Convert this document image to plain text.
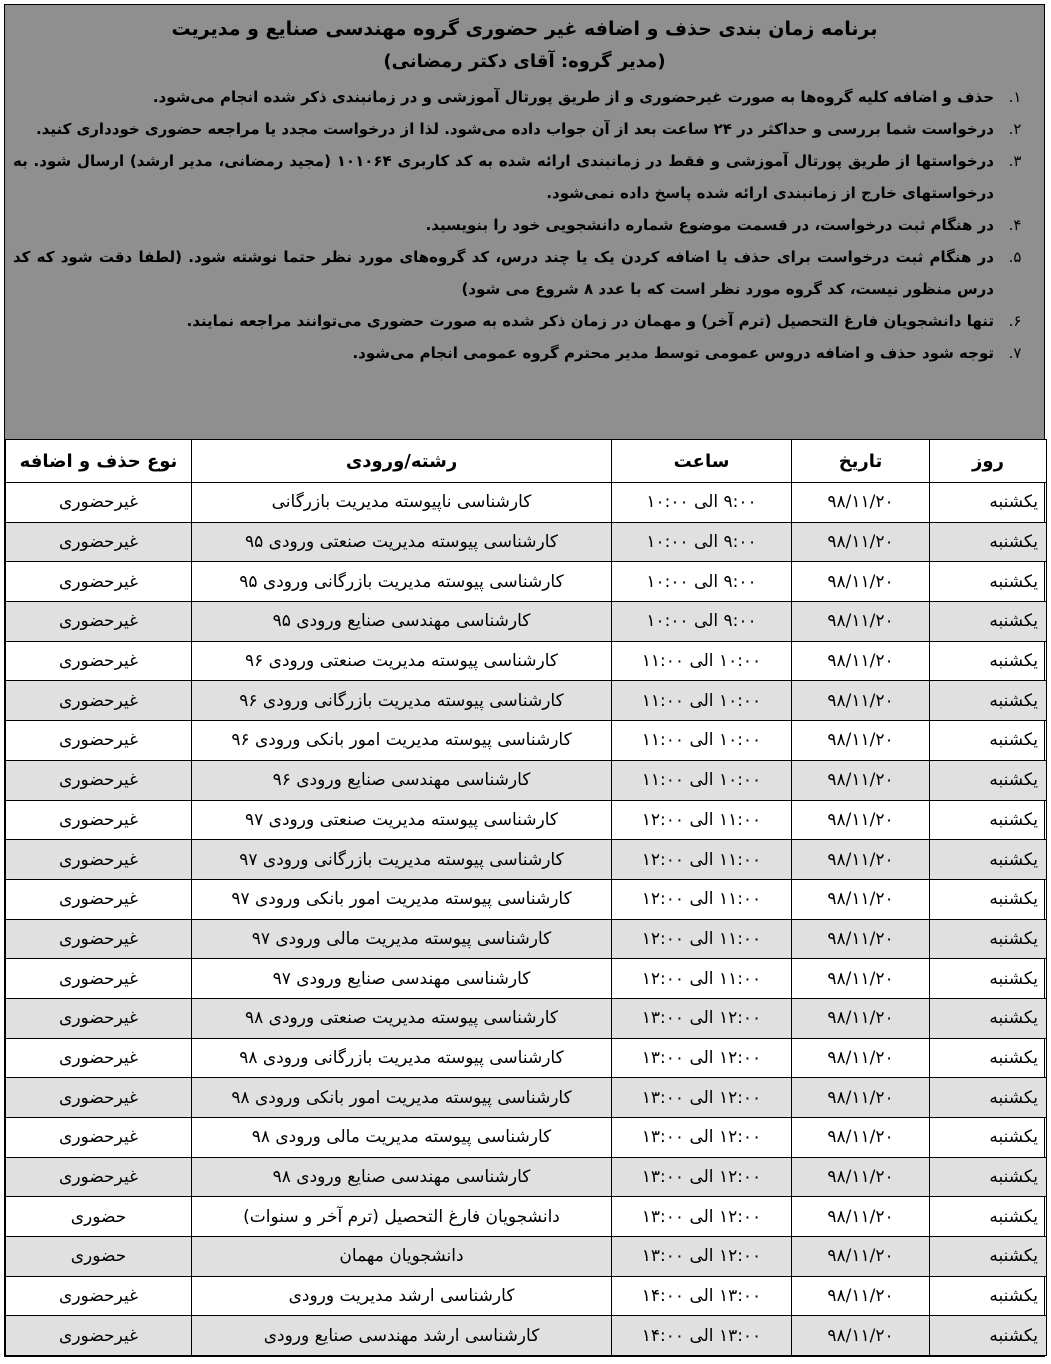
برنامه زمان بندی حذف و اضافه غیر حضوری گروه مهندسی صنایع و مدیریت
(مدیر گروه: آقای دکتر رمضانی)
۱.
حذف و اضافه کلیه گروه‌ها به صورت غیرحضوری و از طریق پورتال آموزشی و در زمانبندی ذکر شده انجام می‌شود.
۲.
درخواست شما بررسی و حداکثر در ۲۴ ساعت بعد از آن جواب داده می‌شود. لذا از درخواست مجدد یا مراجعه حضوری خودداری کنید.
۳.
درخواستها از طریق پورتال آموزشی و فقط در زمانبندی ارائه شده به کد کاربری ۱۰۱۰۶۴ (مجید رمضانی، مدیر ارشد) ارسال شود. به درخواستهای خارج از زمانبندی ارائه شده پاسخ داده نمی‌شود.
۴.
در هنگام ثبت درخواست، در قسمت موضوع شماره دانشجویی خود را بنویسید.
۵.
در هنگام ثبت درخواست برای حذف یا اضافه کردن یک یا چند درس، کد گروه‌های مورد نظر حتما نوشته شود. (لطفا دقت شود که کد درس منظور نیست، کد گروه مورد نظر است که با عدد ۸ شروع می شود)
۶.
تنها دانشجویان فارغ التحصیل (ترم آخر) و مهمان در زمان ذکر شده به صورت حضوری می‌توانند مراجعه نمایند.
۷.
توجه شود حذف و اضافه دروس عمومی توسط مدیر محترم گروه عمومی انجام می‌شود.
روز	تاریخ	ساعت	رشته/ورودی	نوع حذف و اضافه
یکشنبه	۹۸/۱۱/۲۰	۹:۰۰ الی ۱۰:۰۰	کارشناسی ناپیوسته مدیریت بازرگانی	غیرحضوری
یکشنبه	۹۸/۱۱/۲۰	۹:۰۰ الی ۱۰:۰۰	کارشناسی پیوسته مدیریت صنعتی ورودی ۹۵	غیرحضوری
یکشنبه	۹۸/۱۱/۲۰	۹:۰۰ الی ۱۰:۰۰	کارشناسی پیوسته مدیریت بازرگانی ورودی ۹۵	غیرحضوری
یکشنبه	۹۸/۱۱/۲۰	۹:۰۰ الی ۱۰:۰۰	کارشناسی مهندسی صنایع ورودی ۹۵	غیرحضوری
یکشنبه	۹۸/۱۱/۲۰	۱۰:۰۰ الی ۱۱:۰۰	کارشناسی پیوسته مدیریت صنعتی ورودی ۹۶	غیرحضوری
یکشنبه	۹۸/۱۱/۲۰	۱۰:۰۰ الی ۱۱:۰۰	کارشناسی پیوسته مدیریت بازرگانی ورودی ۹۶	غیرحضوری
یکشنبه	۹۸/۱۱/۲۰	۱۰:۰۰ الی ۱۱:۰۰	کارشناسی پیوسته مدیریت امور بانکی ورودی ۹۶	غیرحضوری
یکشنبه	۹۸/۱۱/۲۰	۱۰:۰۰ الی ۱۱:۰۰	کارشناسی مهندسی صنایع ورودی ۹۶	غیرحضوری
یکشنبه	۹۸/۱۱/۲۰	۱۱:۰۰ الی ۱۲:۰۰	کارشناسی پیوسته مدیریت صنعتی ورودی ۹۷	غیرحضوری
یکشنبه	۹۸/۱۱/۲۰	۱۱:۰۰ الی ۱۲:۰۰	کارشناسی پیوسته مدیریت بازرگانی ورودی ۹۷	غیرحضوری
یکشنبه	۹۸/۱۱/۲۰	۱۱:۰۰ الی ۱۲:۰۰	کارشناسی پیوسته مدیریت امور بانکی ورودی ۹۷	غیرحضوری
یکشنبه	۹۸/۱۱/۲۰	۱۱:۰۰ الی ۱۲:۰۰	کارشناسی پیوسته مدیریت مالی ورودی ۹۷	غیرحضوری
یکشنبه	۹۸/۱۱/۲۰	۱۱:۰۰ الی ۱۲:۰۰	کارشناسی مهندسی صنایع ورودی ۹۷	غیرحضوری
یکشنبه	۹۸/۱۱/۲۰	۱۲:۰۰ الی ۱۳:۰۰	کارشناسی پیوسته مدیریت صنعتی ورودی ۹۸	غیرحضوری
یکشنبه	۹۸/۱۱/۲۰	۱۲:۰۰ الی ۱۳:۰۰	کارشناسی پیوسته مدیریت بازرگانی ورودی ۹۸	غیرحضوری
یکشنبه	۹۸/۱۱/۲۰	۱۲:۰۰ الی ۱۳:۰۰	کارشناسی پیوسته مدیریت امور بانکی ورودی ۹۸	غیرحضوری
یکشنبه	۹۸/۱۱/۲۰	۱۲:۰۰ الی ۱۳:۰۰	کارشناسی پیوسته مدیریت مالی ورودی ۹۸	غیرحضوری
یکشنبه	۹۸/۱۱/۲۰	۱۲:۰۰ الی ۱۳:۰۰	کارشناسی مهندسی صنایع ورودی ۹۸	غیرحضوری
یکشنبه	۹۸/۱۱/۲۰	۱۲:۰۰ الی ۱۳:۰۰	دانشجویان فارغ التحصیل (ترم آخر و سنوات)	حضوری
یکشنبه	۹۸/۱۱/۲۰	۱۲:۰۰ الی ۱۳:۰۰	دانشجویان مهمان	حضوری
یکشنبه	۹۸/۱۱/۲۰	۱۳:۰۰ الی ۱۴:۰۰	کارشناسی ارشد مدیریت ورودی	غیرحضوری
یکشنبه	۹۸/۱۱/۲۰	۱۳:۰۰ الی ۱۴:۰۰	کارشناسی ارشد مهندسی صنایع ورودی	غیرحضوری
